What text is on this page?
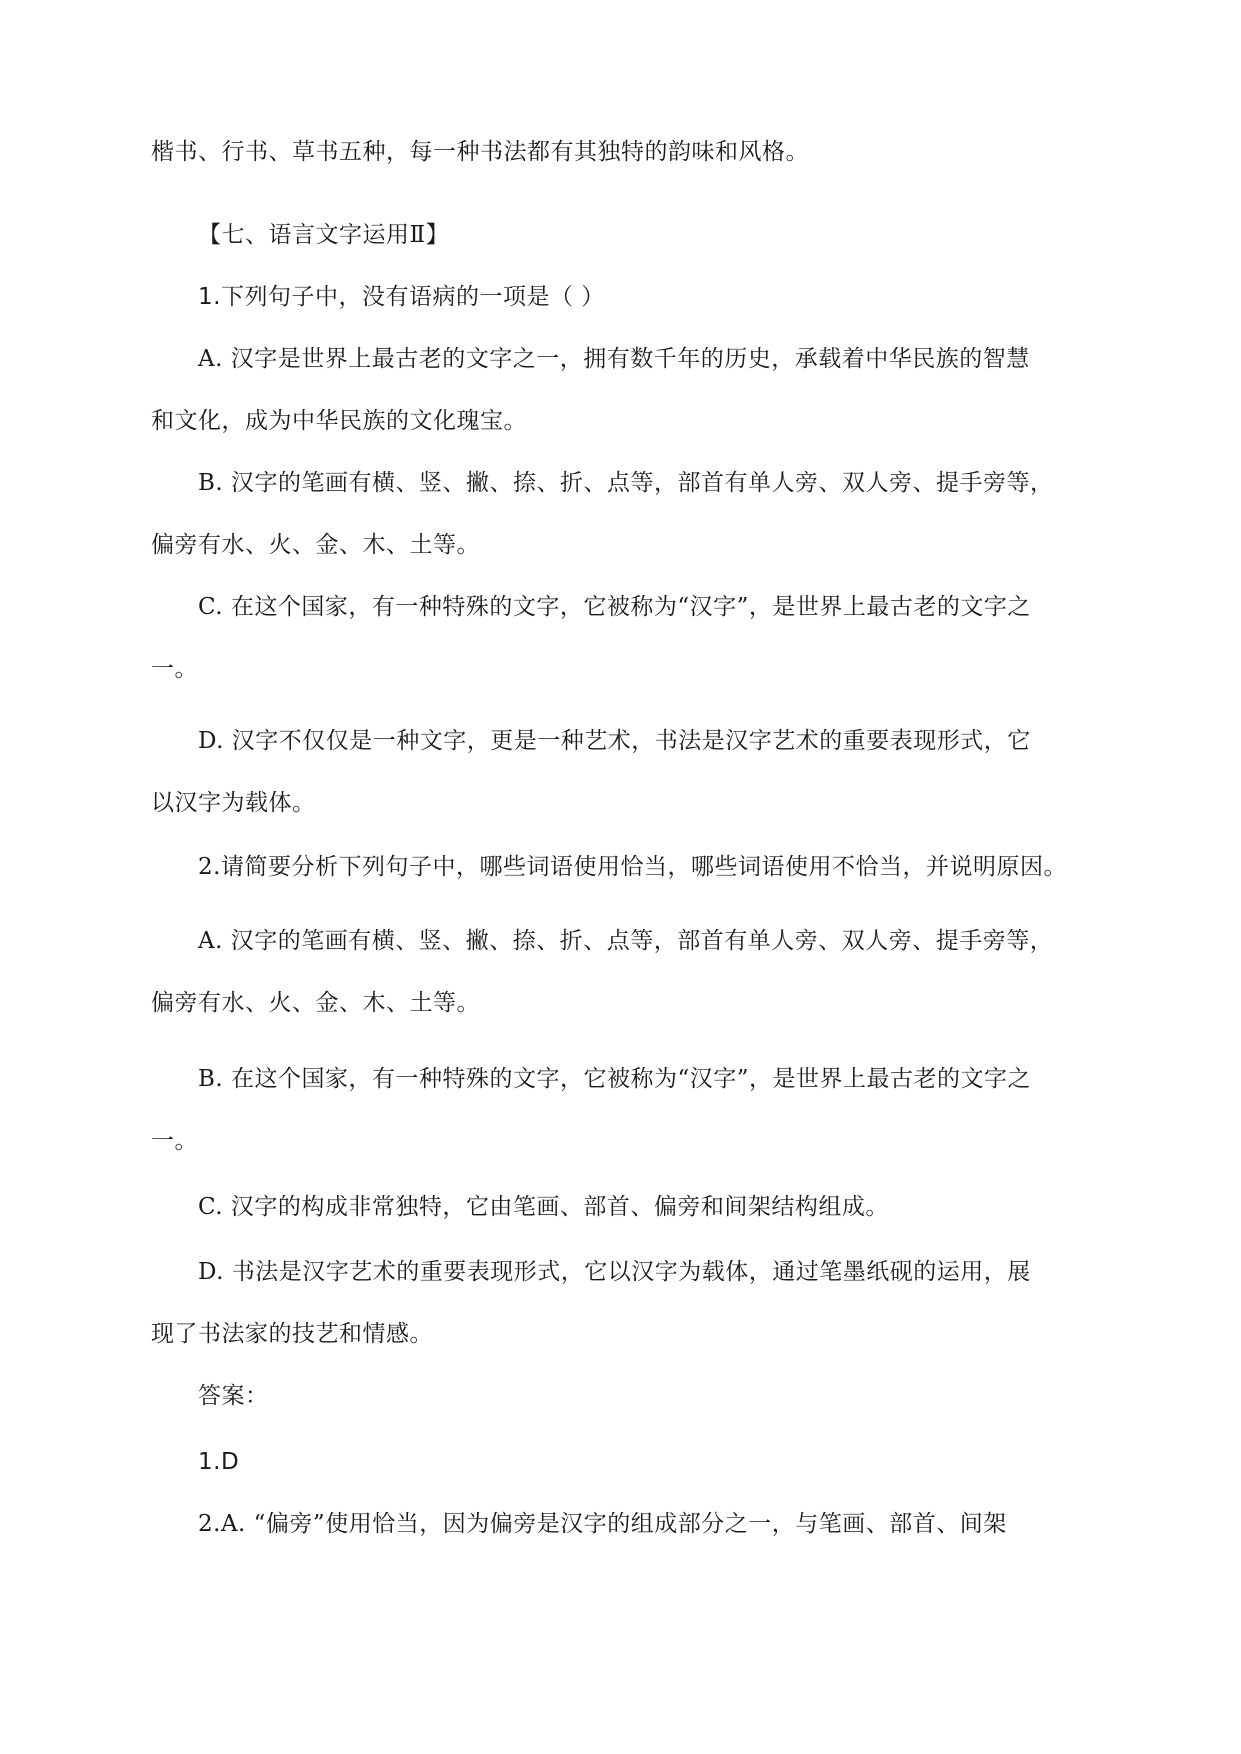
楷书、行书、草书五种，每一种书法都有其独特的韵味和风格。
【七、语言文字运用Ⅱ】
1.下列句子中，没有语病的一项是（ ）
A. 汉字是世界上最古老的文字之一，拥有数千年的历史，承载着中华民族的智慧
和文化，成为中华民族的文化瑰宝。
B. 汉字的笔画有横、竖、撇、捺、折、点等，部首有单人旁、双人旁、提手旁等，
偏旁有水、火、金、木、土等。
C. 在这个国家，有一种特殊的文字，它被称为“汉字”，是世界上最古老的文字之
一。
D. 汉字不仅仅是一种文字，更是一种艺术，书法是汉字艺术的重要表现形式，它
以汉字为载体。
2.请简要分析下列句子中，哪些词语使用恰当，哪些词语使用不恰当，并说明原因。
A. 汉字的笔画有横、竖、撇、捺、折、点等，部首有单人旁、双人旁、提手旁等，
偏旁有水、火、金、木、土等。
B. 在这个国家，有一种特殊的文字，它被称为“汉字”，是世界上最古老的文字之
一。
C. 汉字的构成非常独特，它由笔画、部首、偏旁和间架结构组成。
D. 书法是汉字艺术的重要表现形式，它以汉字为载体，通过笔墨纸砚的运用，展
现了书法家的技艺和情感。
答案：
1.D
2.A. “偏旁”使用恰当，因为偏旁是汉字的组成部分之一，与笔画、部首、间架
